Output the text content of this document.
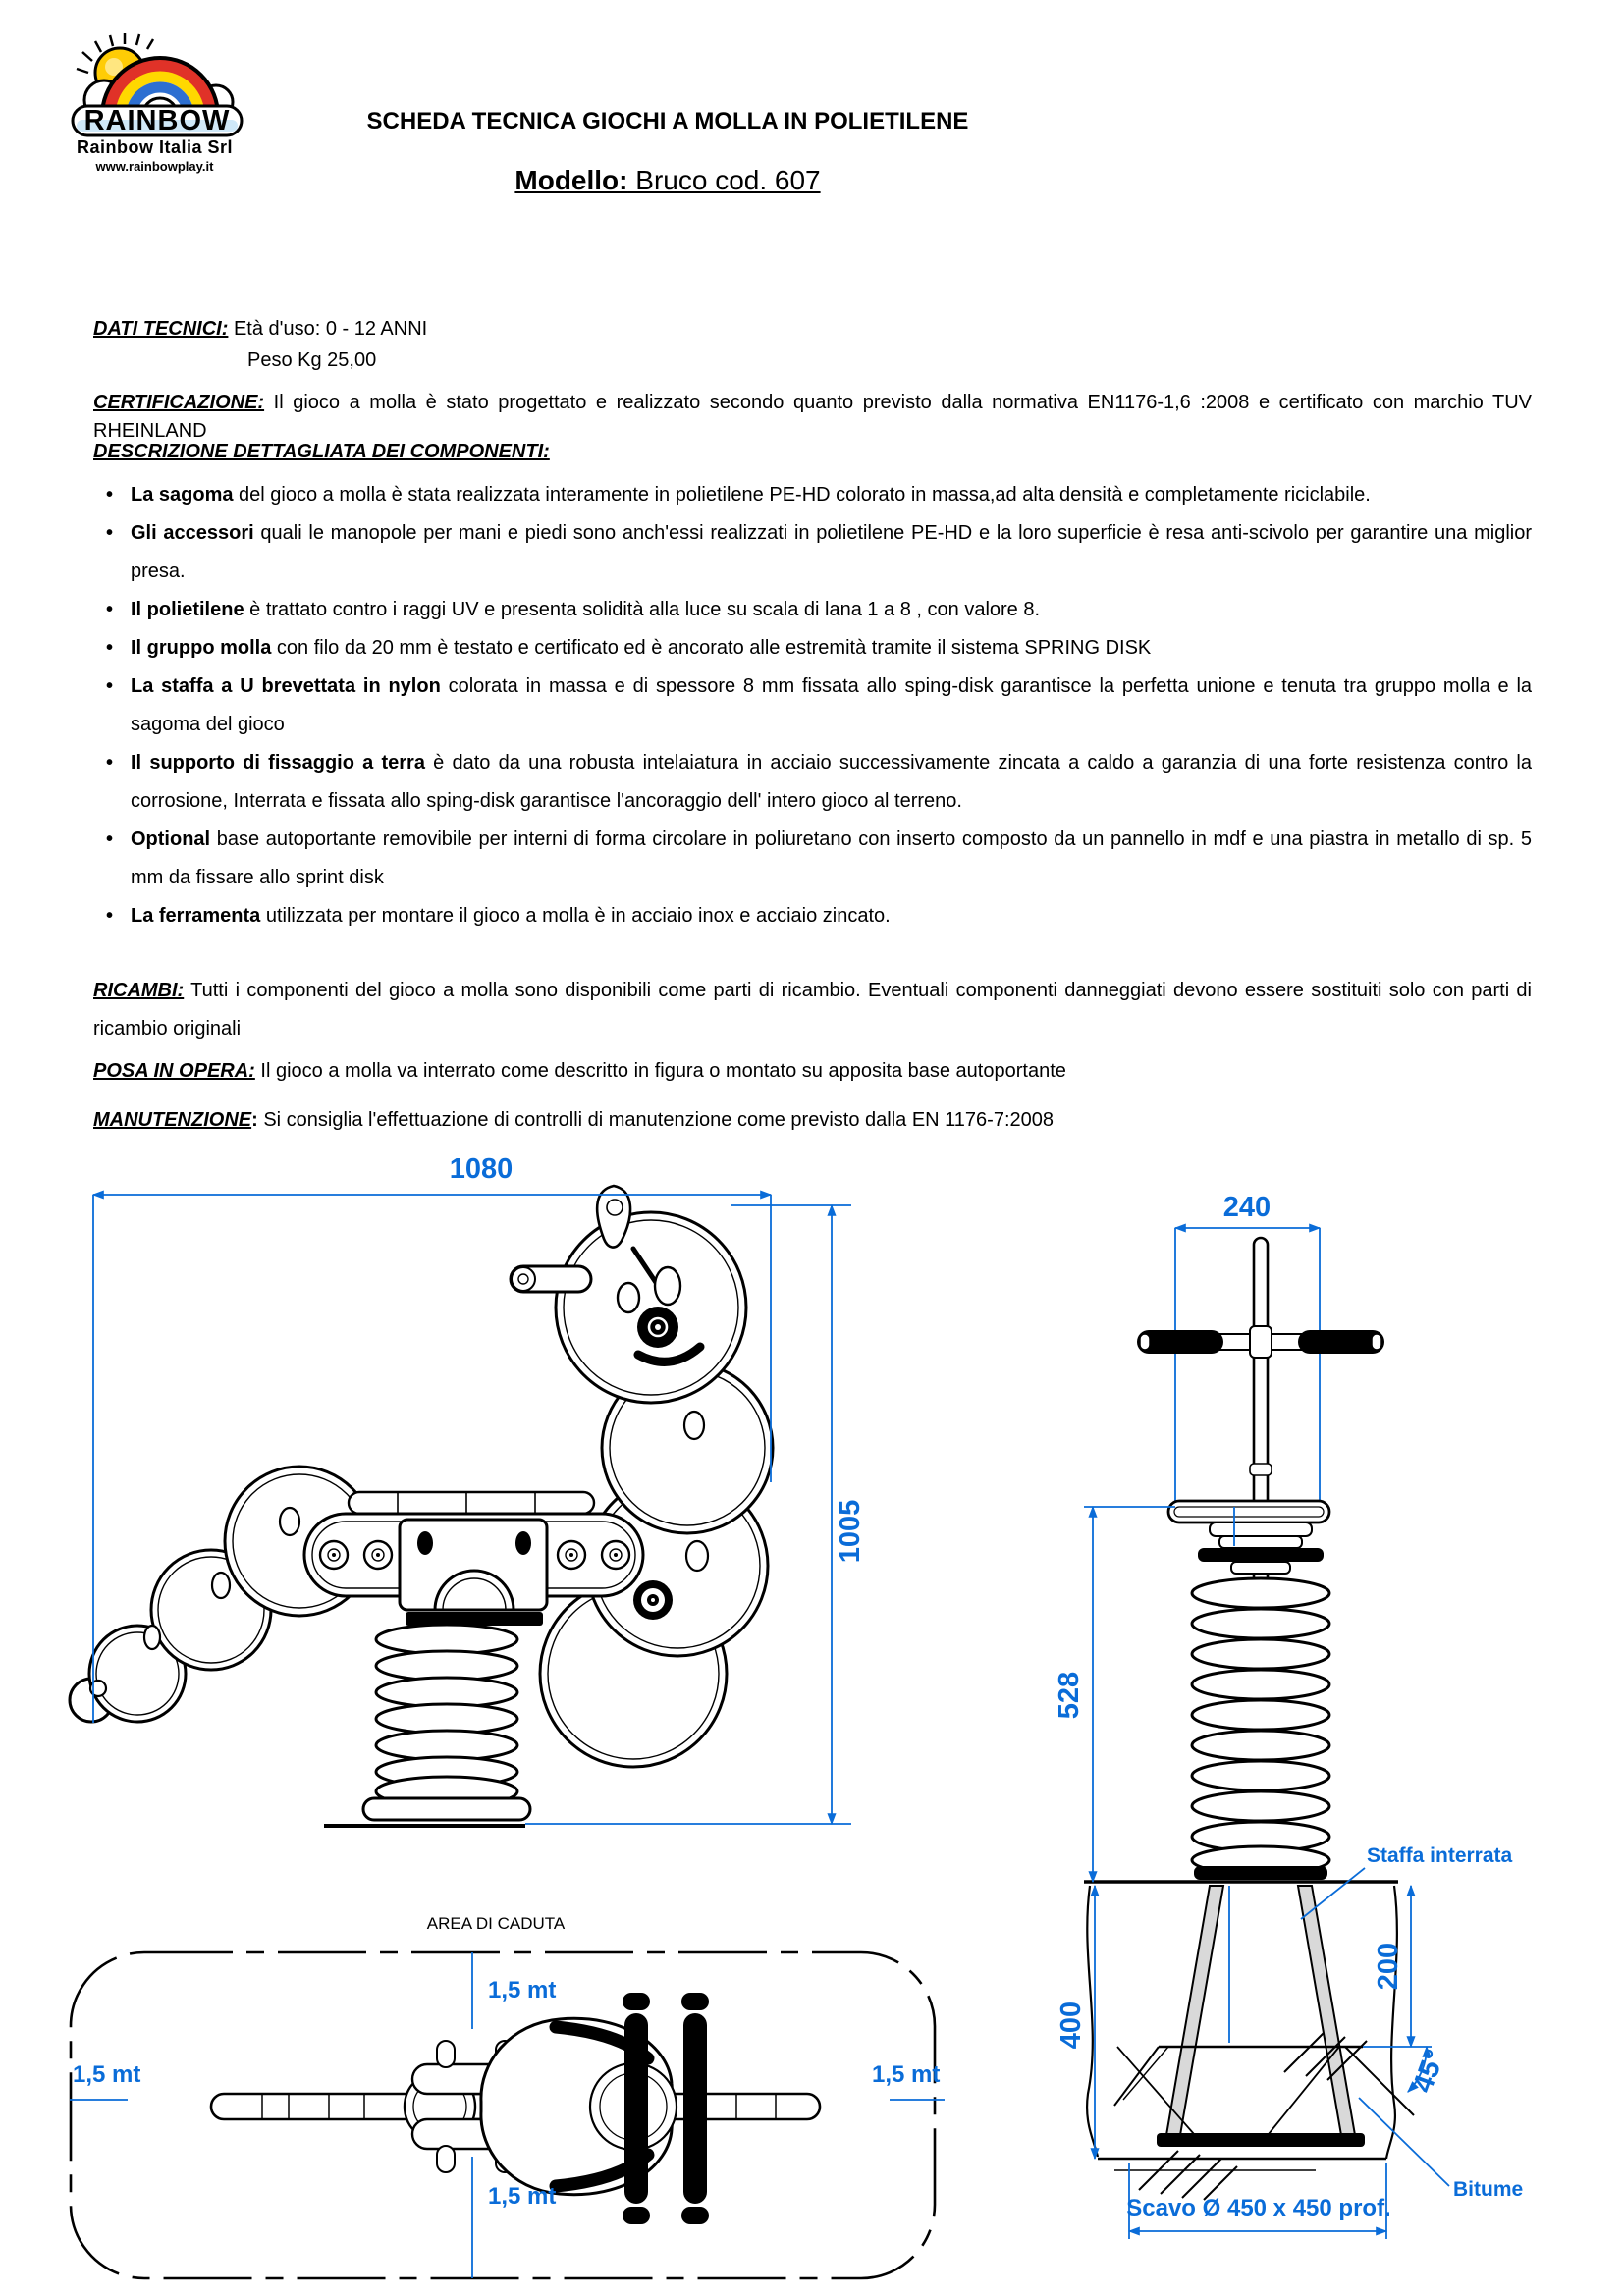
RAINBOW
Rainbow Italia Srl
www.rainbowplay.it
SCHEDA TECNICA GIOCHI A MOLLA IN POLIETILENE
Modello: Bruco cod. 607
DATI TECNICI: Età d'uso: 0 - 12 ANNI
Peso Kg 25,00
CERTIFICAZIONE: Il gioco a molla è stato progettato e realizzato secondo quanto previsto dalla normativa EN1176-1,6 :2008 e certificato con marchio TUV RHEINLAND
DESCRIZIONE DETTAGLIATA DEI COMPONENTI:
• La sagoma del gioco a molla è stata realizzata interamente in polietilene PE-HD colorato in massa,ad alta densità e completamente riciclabile.
• Gli accessori quali le manopole per mani e piedi sono anch'essi realizzati in polietilene PE-HD e la loro superficie è resa anti-scivolo per garantire una miglior presa.
• Il polietilene è trattato contro i raggi UV e presenta solidità alla luce su scala di lana 1 a 8 , con valore 8.
• Il gruppo molla con filo da 20 mm è testato e certificato ed è ancorato alle estremità tramite il sistema SPRING DISK
• La staffa a U brevettata in nylon colorata in massa e di spessore 8 mm fissata allo sping-disk garantisce la perfetta unione e tenuta tra gruppo molla e la sagoma del gioco
• Il supporto di fissaggio a terra è dato da una robusta intelaiatura in acciaio successivamente zincata a caldo a garanzia di una forte resistenza contro la corrosione, Interrata e fissata allo sping-disk garantisce l'ancoraggio dell' intero gioco al terreno.
• Optional base autoportante removibile per interni di forma circolare in poliuretano con inserto composto da un pannello in mdf e una piastra in metallo di sp. 5 mm da fissare allo sprint disk
• La ferramenta utilizzata per montare il gioco a molla è in acciaio inox e acciaio zincato.
RICAMBI: Tutti i componenti del gioco a molla sono disponibili come parti di ricambio. Eventuali componenti danneggiati devono essere sostituiti solo con parti di ricambio originali
POSA IN OPERA: Il gioco a molla va interrato come descritto in figura o montato su apposita base autoportante
MANUTENZIONE: Si consiglia l'effettuazione di controlli di manutenzione come previsto dalla EN 1176-7:2008
1080
1005
240
528
400
200
45°
Staffa interrata
Bitume
Scavo Ø 450 x 450 prof.
AREA DI CADUTA
1,5 mt
1,5 mt
1,5 mt	1,5 mt
